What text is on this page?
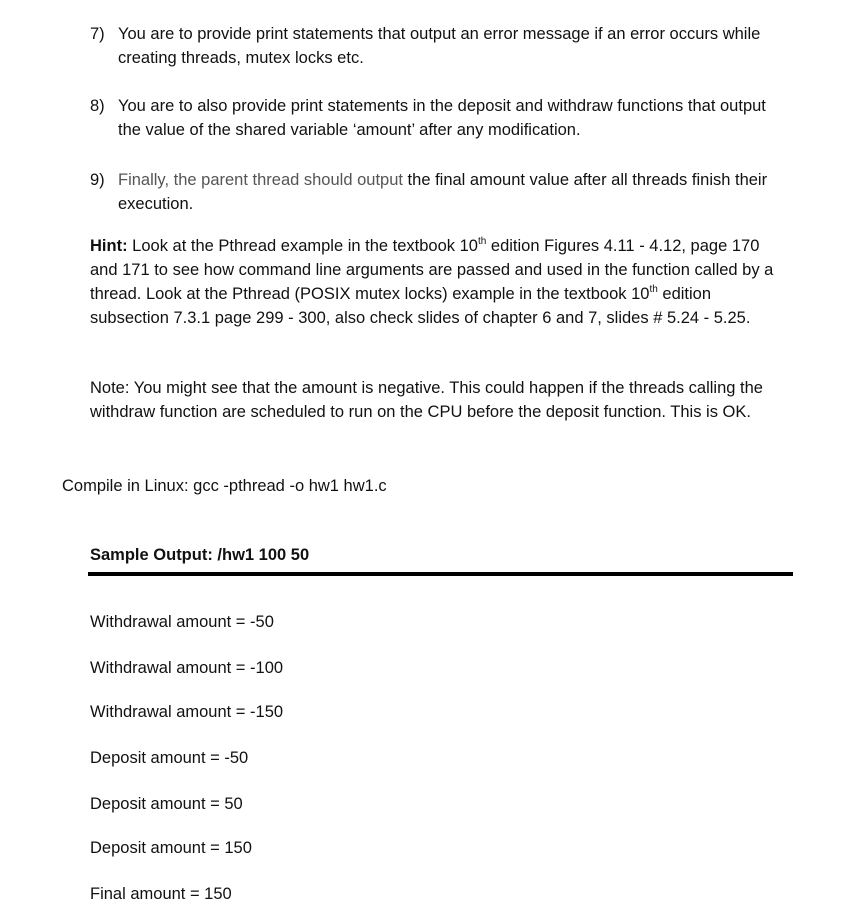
7) You are to provide print statements that output an error message if an error occurs while creating threads, mutex locks etc.
8) You are to also provide print statements in the deposit and withdraw functions that output the value of the shared variable ‘amount’ after any modification.
9) Finally, the parent thread should output the final amount value after all threads finish their execution.
Hint: Look at the Pthread example in the textbook 10th edition Figures 4.11 - 4.12, page 170 and 171 to see how command line arguments are passed and used in the function called by a thread. Look at the Pthread (POSIX mutex locks) example in the textbook 10th edition subsection 7.3.1 page 299 - 300, also check slides of chapter 6 and 7, slides # 5.24 - 5.25.
Note: You might see that the amount is negative. This could happen if the threads calling the withdraw function are scheduled to run on the CPU before the deposit function. This is OK.
Compile in Linux: gcc -pthread -o hw1 hw1.c
Sample Output: /hw1 100 50
Withdrawal amount = -50
Withdrawal amount = -100
Withdrawal amount = -150
Deposit amount = -50
Deposit amount = 50
Deposit amount = 150
Final amount = 150
